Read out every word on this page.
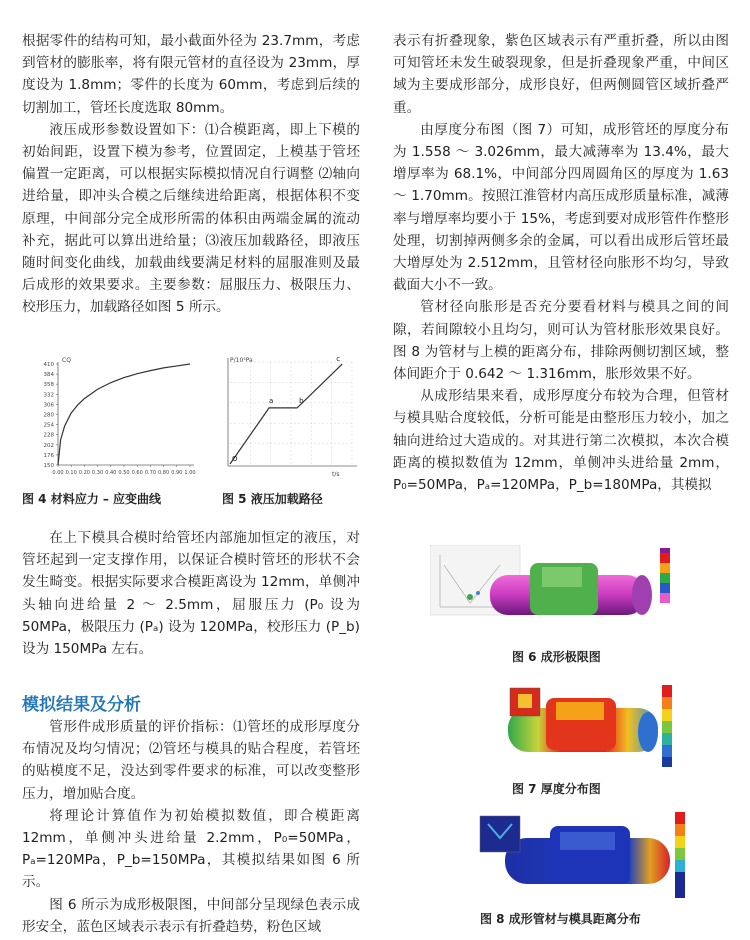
根据零件的结构可知，最小截面外径为 23.7mm，考虑到管材的膨胀率，将有限元管材的直径设为 23mm，厚度设为 1.8mm；零件的长度为 60mm，考虑到后续的切割加工，管坯长度选取 80mm。

液压成形参数设置如下：⑴合模距离，即上下模的初始间距，设置下模为参考，位置固定，上模基于管坯偏置一定距离，可以根据实际模拟情况自行调整 ⑵轴向进给量，即冲头合模之后继续进给距离，根据体积不变原理，中间部分完全成形所需的体积由两端金属的流动补充，据此可以算出进给量；⑶液压加载路径，即液压随时间变化曲线，加载曲线要满足材料的屈服准则及最后成形的效果要求。主要参数：屈服压力、极限压力、校形压力，加载路径如图 5 所示。

CQ
150
176
202
228
254
280
306
332
358
384
410
0.00 0.10 0.20 0.30 0.40 0.50 0.60 0.70 0.80 0.90 1.00
图 4 材料应力 – 应变曲线
P/10⁵Pa
t/s
O
a	b
c
图 5 液压加载路径

在上下模具合模时给管坯内部施加恒定的液压，对管坯起到一定支撑作用，以保证合模时管坯的形状不会发生畸变。根据实际要求合模距离设为 12mm，单侧冲头轴向进给量 2 ～ 2.5mm，屈服压力 (P₀ 设为 50MPa，极限压力 (Pₐ) 设为 120MPa，校形压力 (P_b) 设为 150MPa 左右。

模拟结果及分析

管形件成形质量的评价指标：⑴管坯的成形厚度分布情况及均匀情况；⑵管坯与模具的贴合程度，若管坯的贴模度不足，没达到零件要求的标准，可以改变整形压力，增加贴合度。

将理论计算值作为初始模拟数值，即合模距离 12mm，单侧冲头进给量 2.2mm，P₀=50MPa，Pₐ=120MPa，P_b=150MPa，其模拟结果如图 6 所示。

图 6 所示为成形极限图，中间部分呈现绿色表示成形安全，蓝色区域表示表示有折叠趋势，粉色区域

表示有折叠现象，紫色区域表示有严重折叠，所以由图可知管坯未发生破裂现象，但是折叠现象严重，中间区域为主要成形部分，成形良好，但两侧圆管区域折叠严重。

由厚度分布图（图 7）可知，成形管坯的厚度分布为 1.558 ～ 3.026mm，最大减薄率为 13.4%，最大增厚率为 68.1%，中间部分四周圆角区的厚度为 1.63 ～ 1.70mm。按照江淮管材内高压成形质量标准，减薄率与增厚率均要小于 15%，考虑到要对成形管件作整形处理，切割掉两侧多余的金属，可以看出成形后管坯最大增厚处为 2.512mm，且管材径向胀形不均匀，导致截面大小不一致。

管材径向胀形是否充分要看材料与模具之间的间隙，若间隙较小且均匀，则可认为管材胀形效果良好。图 8 为管材与上模的距离分布，排除两侧切割区域，整体间距介于 0.642 ～ 1.316mm，胀形效果不好。

从成形结果来看，成形厚度分布较为合理，但管材与模具贴合度较低，分析可能是由整形压力较小，加之轴向进给过大造成的。对其进行第二次模拟，本次合模距离的模拟数值为 12mm，单侧冲头进给量 2mm，P₀=50MPa，Pₐ=120MPa，P_b=180MPa，其模拟

图 6 成形极限图
图 7 厚度分布图
图 8 成形管材与模具距离分布
